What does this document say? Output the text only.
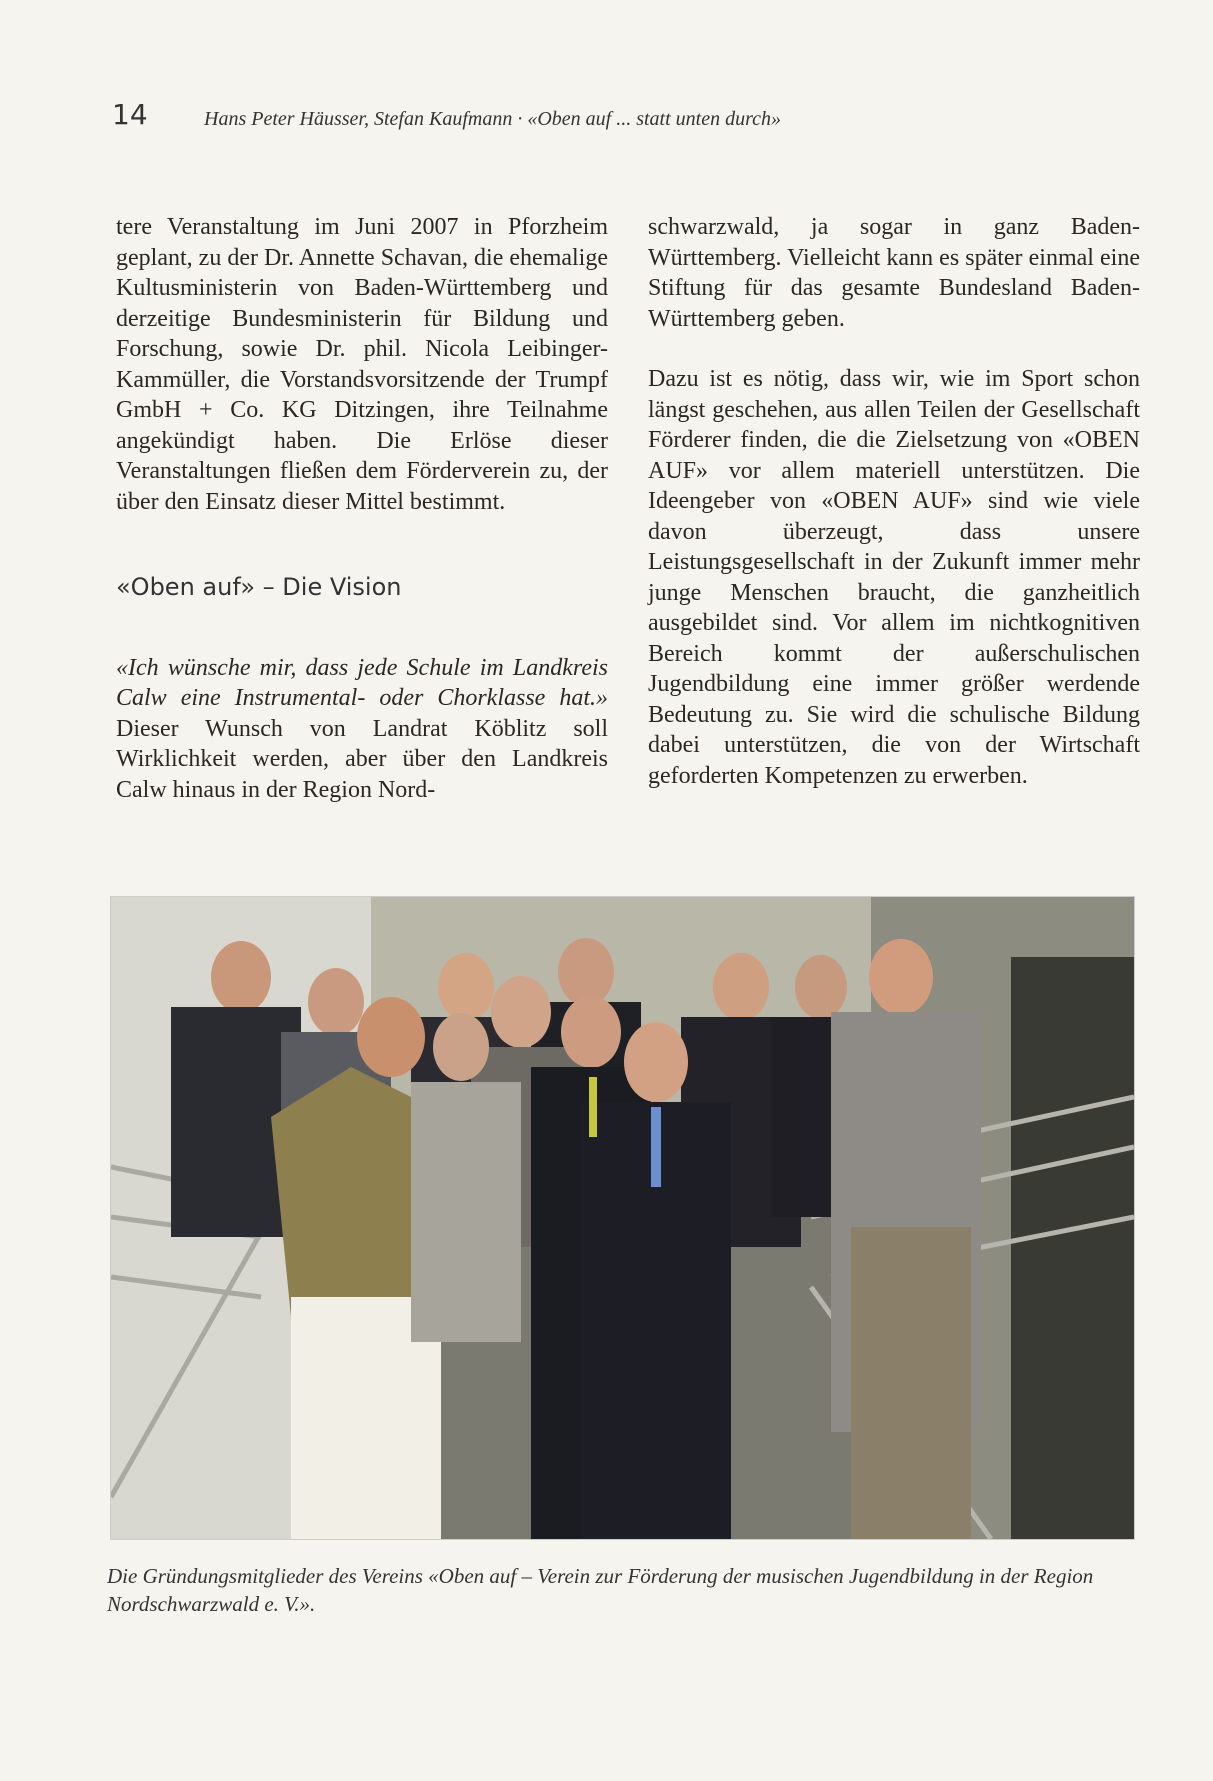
14	Hans Peter Häusser, Stefan Kaufmann · «Oben auf ... statt unten durch»

tere Veranstaltung im Juni 2007 in Pforzheim geplant, zu der Dr. Annette Schavan, die ehemalige Kultusministerin von Baden-Württemberg und derzeitige Bundesministerin für Bildung und Forschung, sowie Dr. phil. Nicola Leibinger-Kammüller, die Vorstandsvorsitzende der Trumpf GmbH + Co. KG Ditzingen, ihre Teilnahme angekündigt haben. Die Erlöse dieser Veranstaltungen fließen dem Förderverein zu, der über den Einsatz dieser Mittel bestimmt.

«Oben auf» – Die Vision

«Ich wünsche mir, dass jede Schule im Landkreis Calw eine Instrumental- oder Chorklasse hat.» Dieser Wunsch von Landrat Köblitz soll Wirklichkeit werden, aber über den Landkreis Calw hinaus in der Region Nord-

schwarzwald, ja sogar in ganz Baden-Württemberg. Vielleicht kann es später einmal eine Stiftung für das gesamte Bundesland Baden-Württemberg geben.

Dazu ist es nötig, dass wir, wie im Sport schon längst geschehen, aus allen Teilen der Gesellschaft Förderer finden, die die Zielsetzung von «OBEN AUF» vor allem materiell unterstützen. Die Ideengeber von «OBEN AUF» sind wie viele davon überzeugt, dass unsere Leistungsgesellschaft in der Zukunft immer mehr junge Menschen braucht, die ganzheitlich ausgebildet sind. Vor allem im nichtkognitiven Bereich kommt der außerschulischen Jugendbildung eine immer größer werdende Bedeutung zu. Sie wird die schulische Bildung dabei unterstützen, die von der Wirtschaft geforderten Kompetenzen zu erwerben.

Die Gründungsmitglieder des Vereins «Oben auf – Verein zur Förderung der musischen Jugendbildung in der Region Nordschwarzwald e. V.».
